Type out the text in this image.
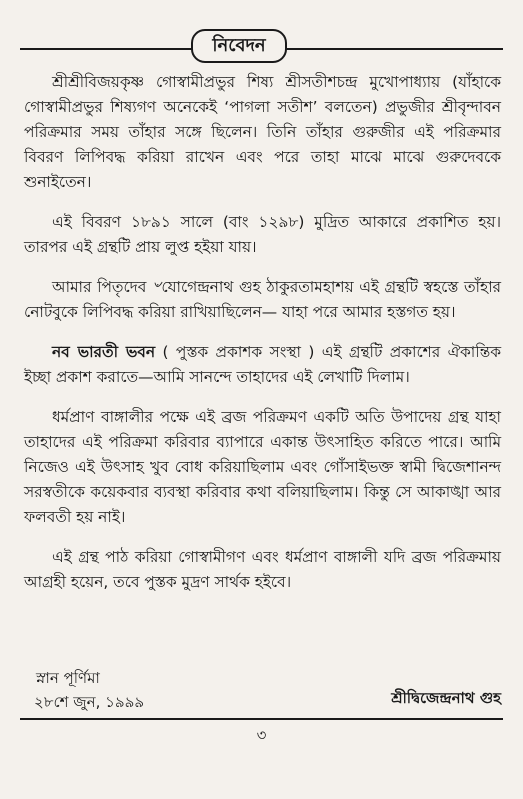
নিবেদন

শ্রীশ্রীবিজয়কৃষ্ণ গোস্বামীপ্রভুর শিষ্য শ্রীসতীশচন্দ্র মুখোপাধ্যায় (যাঁহাকে গোস্বামীপ্রভুর শিষ্যগণ অনেকেই ‘পাগলা সতীশ’ বলতেন) প্রভুজীর শ্রীবৃন্দাবন পরিক্রমার সময় তাঁহার সঙ্গে ছিলেন। তিনি তাঁহার গুরুজীর এই পরিক্রমার বিবরণ লিপিবদ্ধ করিয়া রাখেন এবং পরে তাহা মাঝে মাঝে গুরুদেবকে শুনাইতেন।

এই বিবরণ ১৮৯১ সালে (বাং ১২৯৮) মুদ্রিত আকারে প্রকাশিত হয়। তারপর এই গ্রন্থটি প্রায় লুপ্ত হইয়া যায়।

আমার পিতৃদেব ৺যোগেন্দ্রনাথ গুহ ঠাকুরতামহাশয় এই গ্রন্থটি স্বহস্তে তাঁহার নোটবুকে লিপিবদ্ধ করিয়া রাখিয়াছিলেন— যাহা পরে আমার হস্তগত হয়।

নব ভারতী ভবন ( পুস্তক প্রকাশক সংস্থা ) এই গ্রন্থটি প্রকাশের ঐকান্তিক ইচ্ছা প্রকাশ করাতে—আমি সানন্দে তাহাদের এই লেখাটি দিলাম।

ধর্মপ্রাণ বাঙ্গালীর পক্ষে এই ব্রজ পরিক্রমণ একটি অতি উপাদেয় গ্রন্থ যাহা তাহাদের এই পরিক্রমা করিবার ব্যাপারে একান্ত উৎসাহিত করিতে পারে। আমি নিজেও এই উৎসাহ খুব বোধ করিয়াছিলাম এবং গোঁসাইভক্ত স্বামী দ্বিজেশানন্দ সরস্বতীকে কয়েকবার ব্যবস্থা করিবার কথা বলিয়াছিলাম। কিন্তু সে আকাঙ্খা আর ফলবতী হয় নাই।

এই গ্রন্থ পাঠ করিয়া গোস্বামীগণ এবং ধর্মপ্রাণ বাঙ্গালী যদি ব্রজ পরিক্রমায় আগ্রহী হয়েন, তবে পুস্তক মুদ্রণ সার্থক হইবে।

স্নান পূর্ণিমা
২৮শে জুন, ১৯৯৯	শ্রীদ্বিজেন্দ্রনাথ গুহ
৩
